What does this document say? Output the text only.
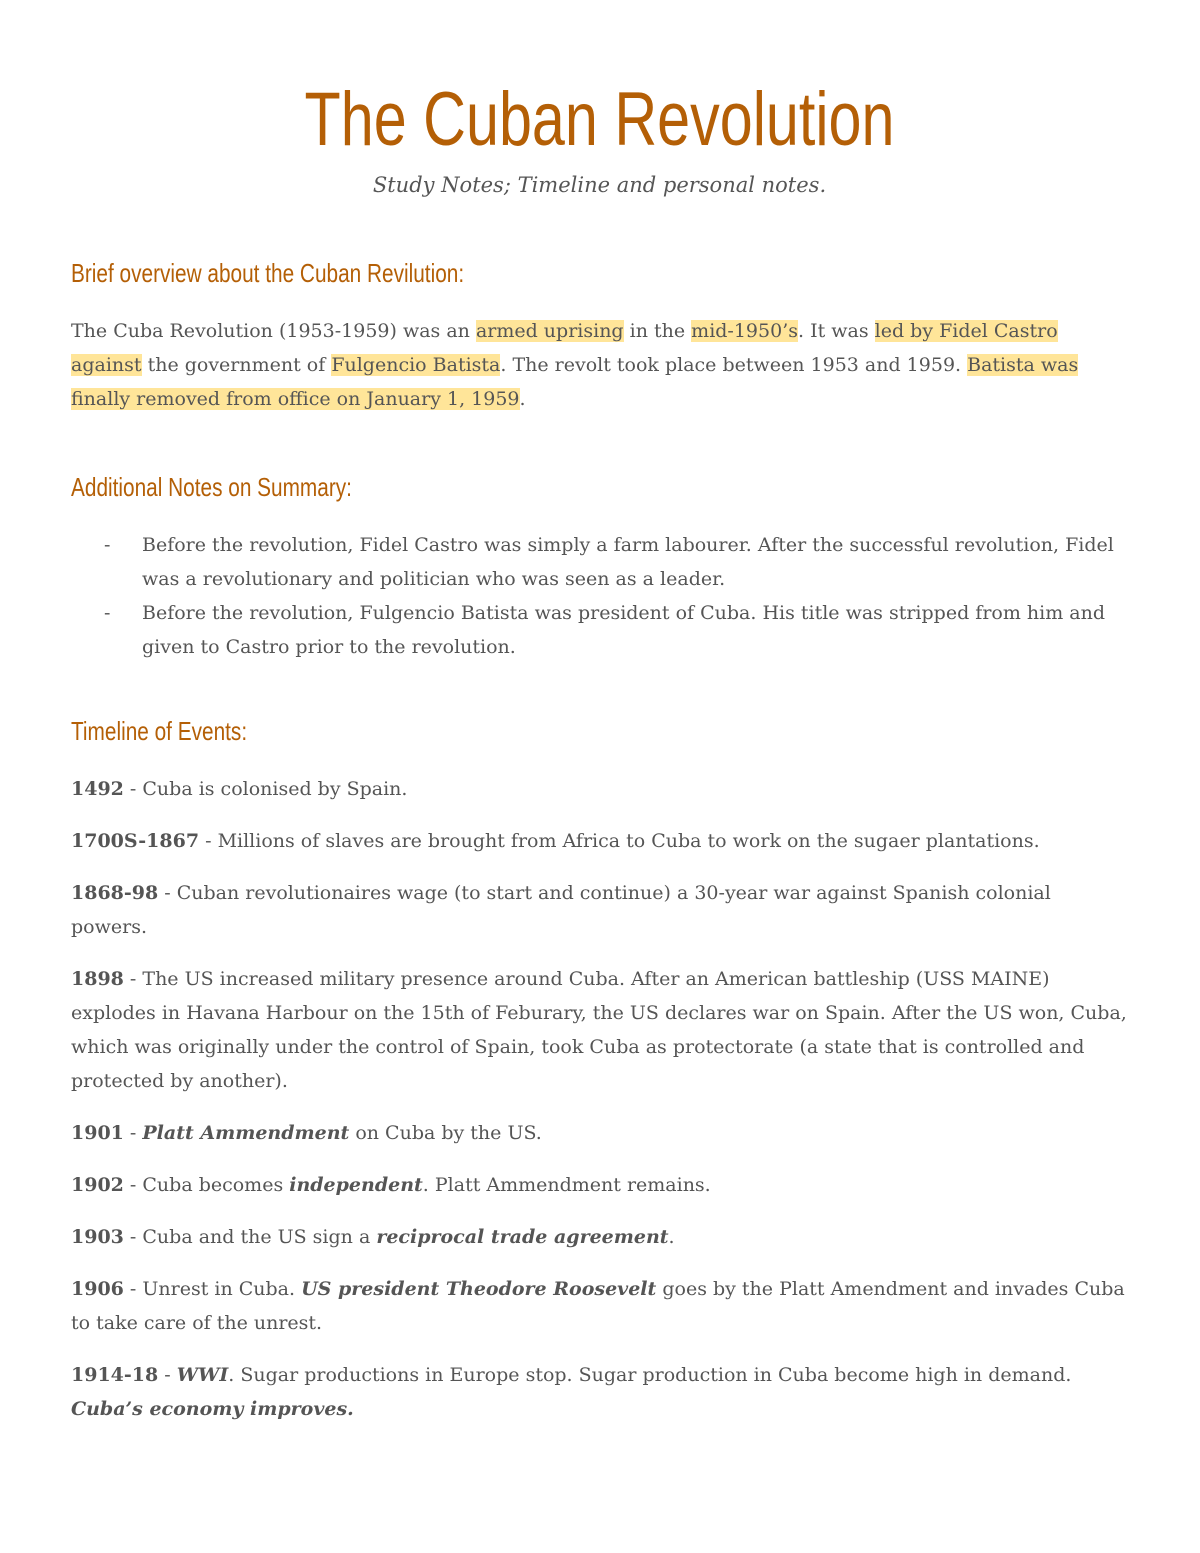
The Cuban Revolution
Study Notes; Timeline and personal notes.
Brief overview about the Cuban Revilution:

The Cuba Revolution (1953-1959) was an armed uprising in the mid-1950’s. It was led by Fidel Castro against the government of Fulgencio Batista. The revolt took place between 1953 and 1959. Batista was finally removed from office on January 1, 1959.

Additional Notes on Summary:
- Before the revolution, Fidel Castro was simply a farm labourer. After the successful revolution, Fidel was a revolutionary and politician who was seen as a leader.
- Before the revolution, Fulgencio Batista was president of Cuba. His title was stripped from him and given to Castro prior to the revolution.
Timeline of Events:

1492 - Cuba is colonised by Spain.

1700S-1867 - Millions of slaves are brought from Africa to Cuba to work on the sugaer plantations.

1868-98 - Cuban revolutionaires wage (to start and continue) a 30-year war against Spanish colonial powers.

1898 - The US increased military presence around Cuba. After an American battleship (USS MAINE) explodes in Havana Harbour on the 15th of Feburary, the US declares war on Spain. After the US won, Cuba, which was originally under the control of Spain, took Cuba as protectorate (a state that is controlled and protected by another).

1901 - Platt Ammendment on Cuba by the US.

1902 - Cuba becomes independent. Platt Ammendment remains.

1903 - Cuba and the US sign a reciprocal trade agreement.

1906 - Unrest in Cuba. US president Theodore Roosevelt goes by the Platt Amendment and invades Cuba to take care of the unrest.

1914-18 - WWI. Sugar productions in Europe stop. Sugar production in Cuba become high in demand. Cuba’s economy improves.
